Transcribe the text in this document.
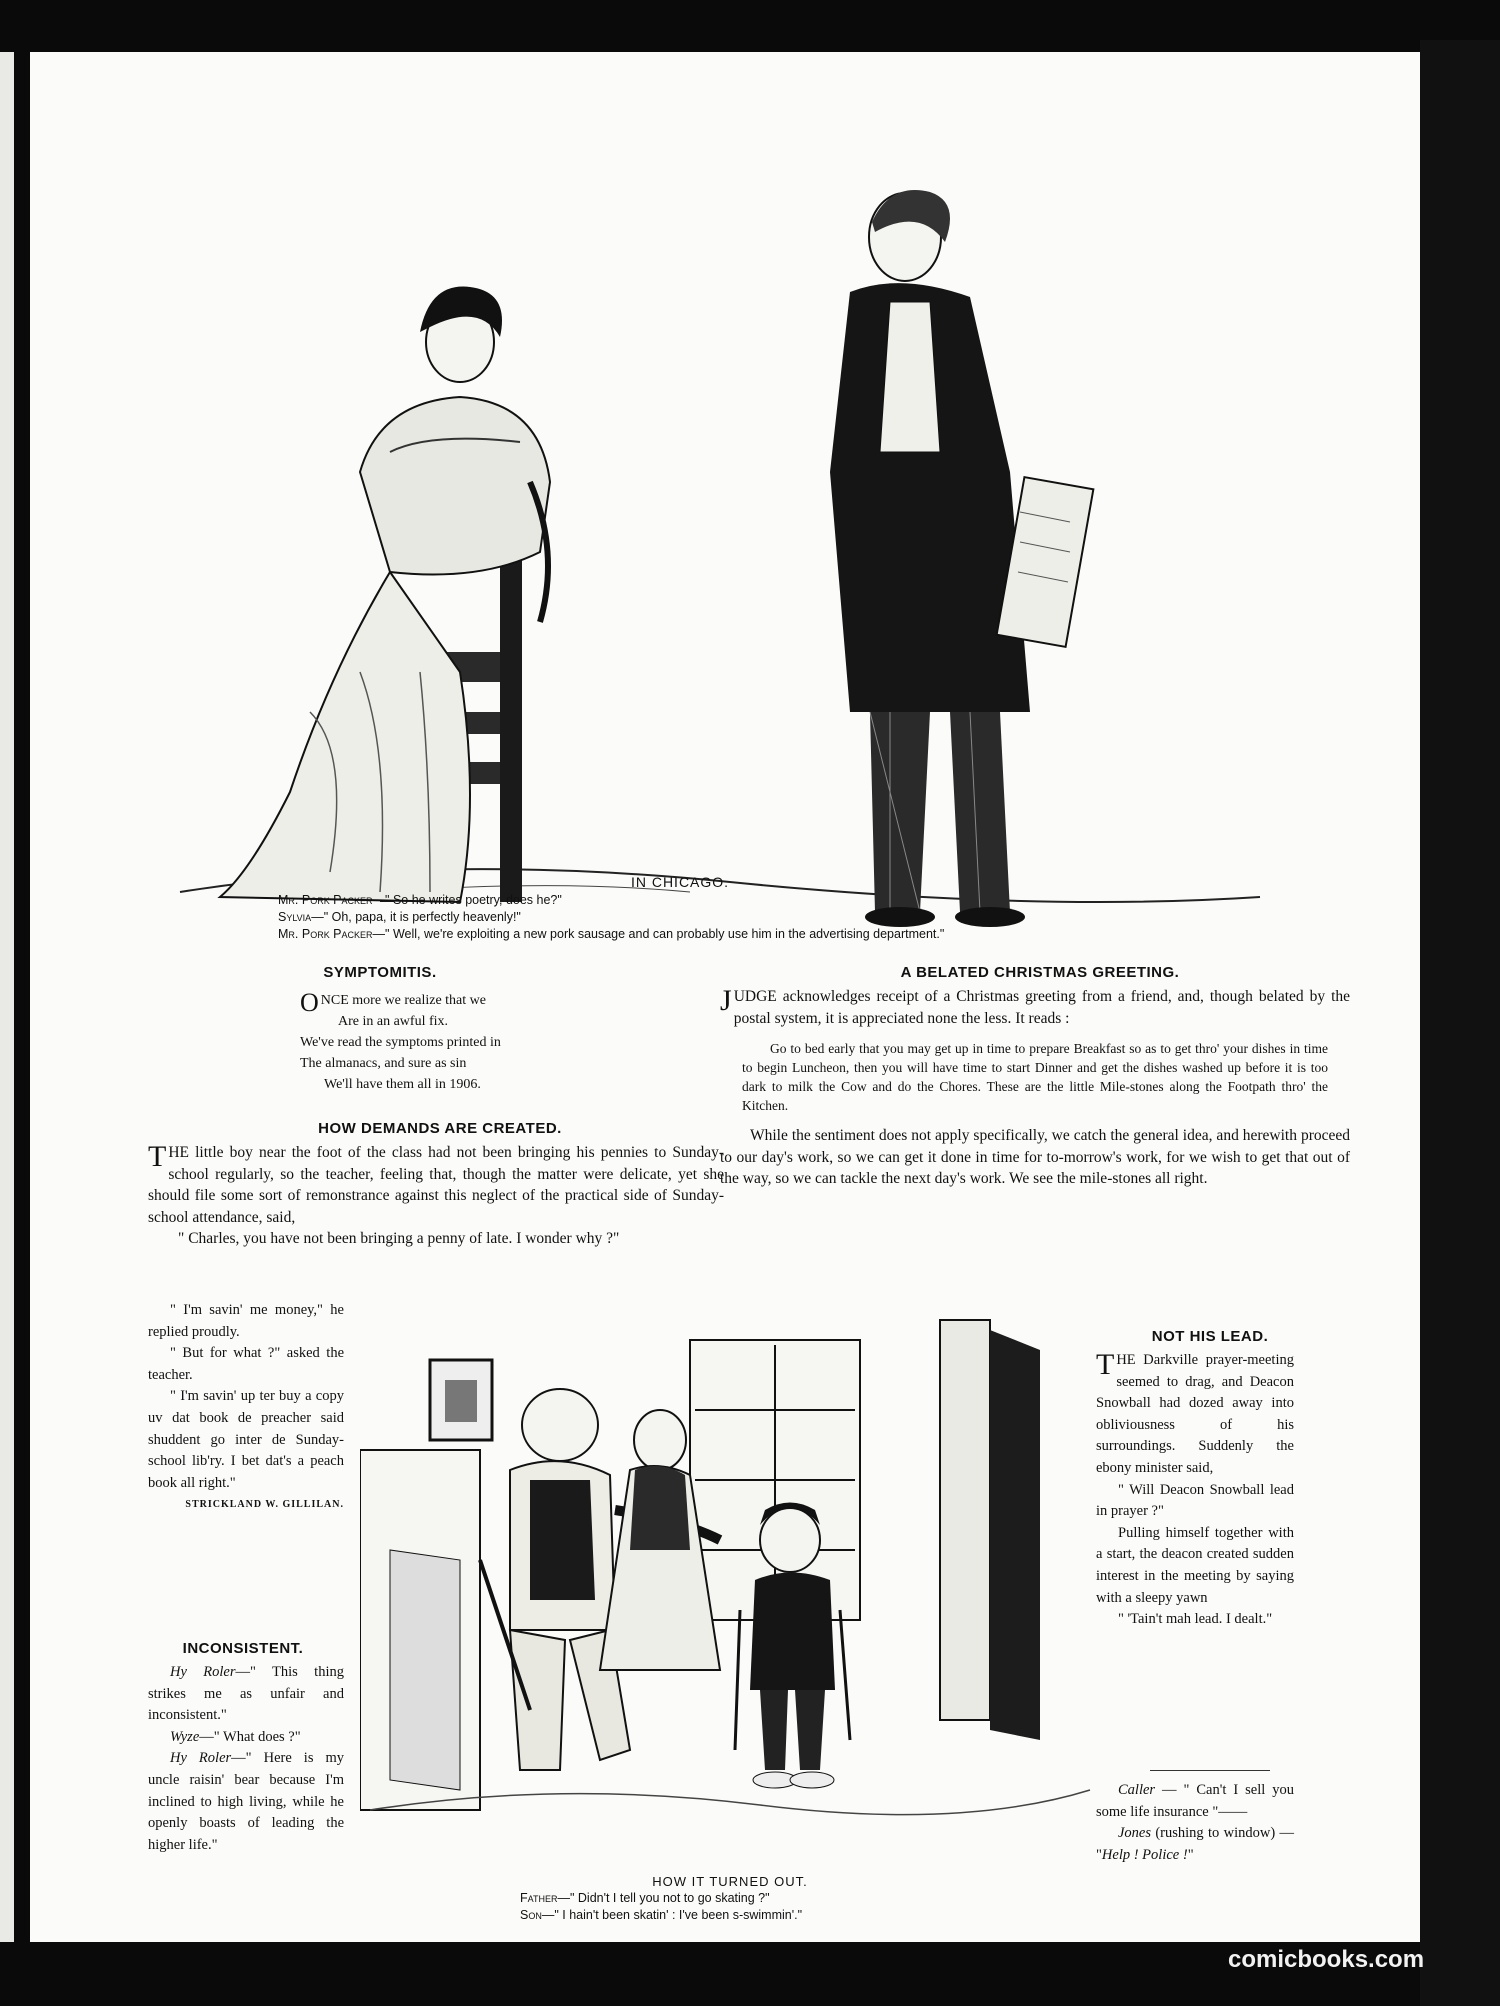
IN CHICAGO.
Mr. Pork Packer—" So he writes poetry, does he?"
Sylvia—" Oh, papa, it is perfectly heavenly!"
Mr. Pork Packer—" Well, we're exploiting a new pork sausage and can probably use him in the advertising department."
SYMPTOMITIS.
ONCE more we realize that we
Are in an awful fix.
We've read the symptoms printed in
The almanacs, and sure as sin
We'll have them all in 1906.
HOW DEMANDS ARE CREATED.

THE little boy near the foot of the class had not been bringing his pennies to Sunday-school regularly, so the teacher, feeling that, though the matter were delicate, yet she should file some sort of remonstrance against this neglect of the practical side of Sunday-school attendance, said,

" Charles, you have not been bringing a penny of late. I wonder why ?"

" I'm savin' me money," he replied proudly.

" But for what ?" asked the teacher.

" I'm savin' up ter buy a copy uv dat book de preacher said shuddent go inter de Sunday-school lib'ry. I bet dat's a peach book all right."

STRICKLAND W. GILLILAN.
INCONSISTENT.

Hy Roler—" This thing strikes me as unfair and inconsistent."

Wyze—" What does ?"

Hy Roler—" Here is my uncle raisin' bear because I'm inclined to high living, while he openly boasts of leading the higher life."

A BELATED CHRISTMAS GREETING.

JUDGE acknowledges receipt of a Christmas greeting from a friend, and, though belated by the postal system, it is appreciated none the less. It reads :

Go to bed early that you may get up in time to prepare Breakfast so as to get thro' your dishes in time to begin Luncheon, then you will have time to start Dinner and get the dishes washed up before it is too dark to milk the Cow and do the Chores. These are the little Mile-stones along the Footpath thro' the Kitchen.

While the sentiment does not apply specifically, we catch the general idea, and herewith proceed to our day's work, so we can get it done in time for to-morrow's work, for we wish to get that out of the way, so we can tackle the next day's work. We see the mile-stones all right.

HOW IT TURNED OUT.
Father—" Didn't I tell you not to go skating ?"
Son—" I hain't been skatin' : I've been s-swimmin'."
NOT HIS LEAD.

THE Darkville prayer-meeting seemed to drag, and Deacon Snowball had dozed away into obliviousness of his surroundings. Suddenly the ebony minister said,

" Will Deacon Snowball lead in prayer ?"

Pulling himself together with a start, the deacon created sudden interest in the meeting by saying with a sleepy yawn

" 'Tain't mah lead. I dealt."

Caller — " Can't I sell you some life insurance "——

Jones (rushing to window) — "Help ! Police !"

comicbooks.com
